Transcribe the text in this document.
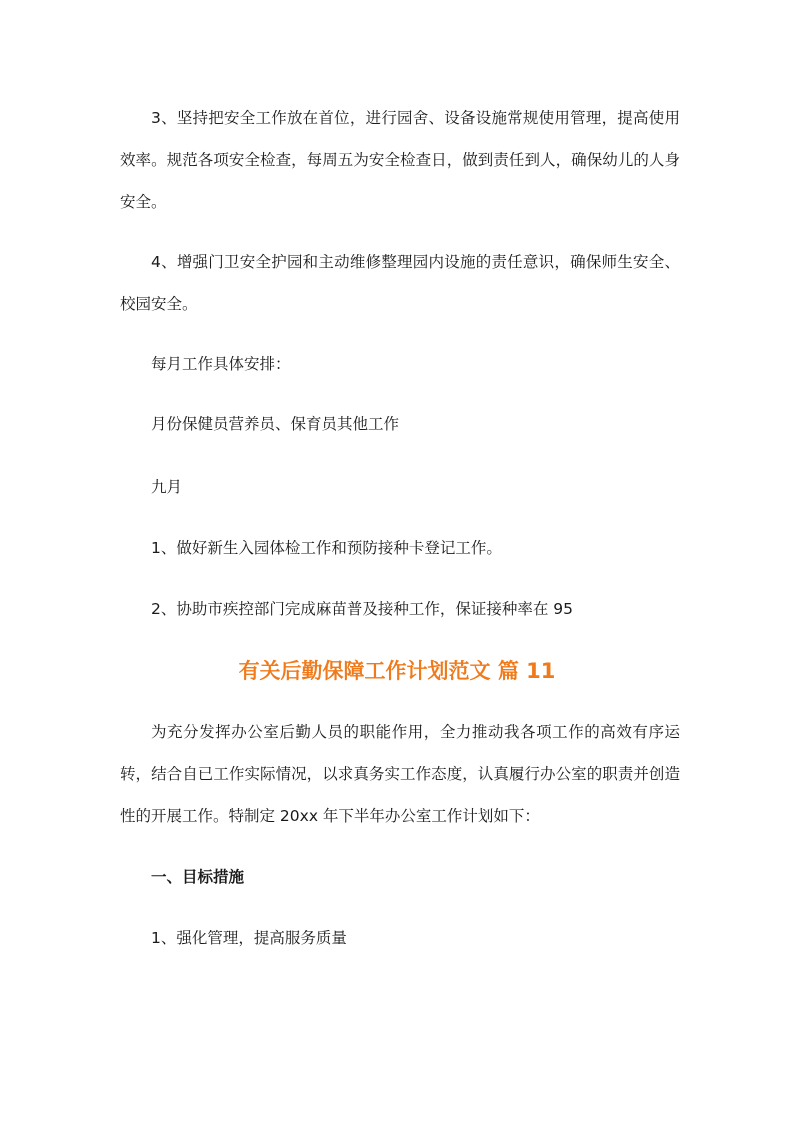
3、坚持把安全工作放在首位，进行园舍、设备设施常规使用管理，提高使用效率。规范各项安全检查，每周五为安全检查日，做到责任到人，确保幼儿的人身安全。

4、增强门卫安全护园和主动维修整理园内设施的责任意识，确保师生安全、校园安全。

每月工作具体安排：

月份保健员营养员、保育员其他工作

九月

1、做好新生入园体检工作和预防接种卡登记工作。

2、协助市疾控部门完成麻苗普及接种工作，保证接种率在 95

有关后勤保障工作计划范文 篇 11

为充分发挥办公室后勤人员的职能作用，全力推动我各项工作的高效有序运转，结合自已工作实际情况，以求真务实工作态度，认真履行办公室的职责并创造性的开展工作。特制定 20xx 年下半年办公室工作计划如下：

一、目标措施

1、强化管理，提高服务质量
